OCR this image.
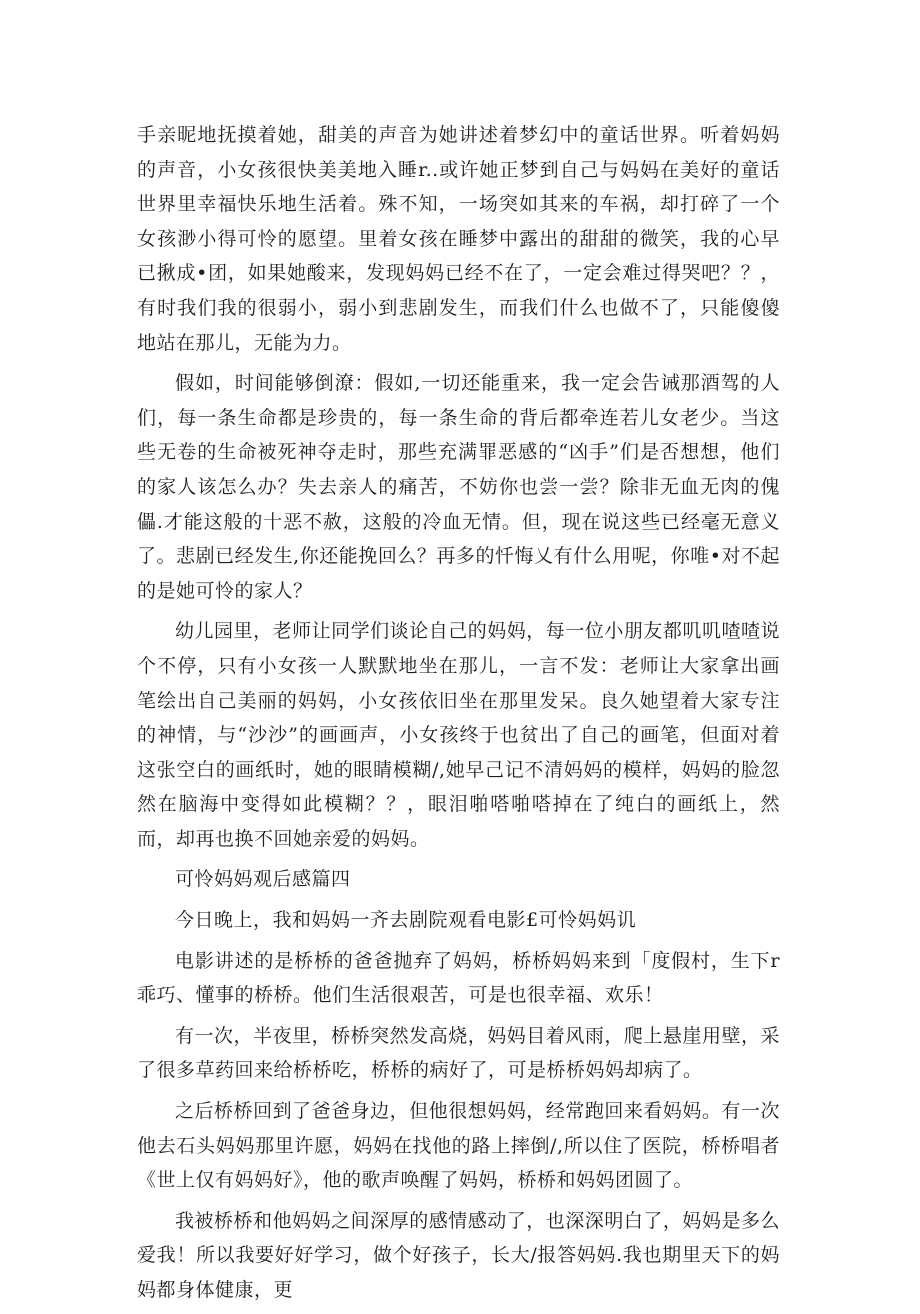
手亲昵地抚摸着她，甜美的声音为她讲述着梦幻中的童话世界。听着妈妈的声音，小女孩很快美美地入睡r..或许她正梦到自己与妈妈在美好的童话世界里幸福快乐地生活着。殊不知，一场突如其来的车祸，却打碎了一个女孩渺小得可怜的愿望。里着女孩在睡梦中露出的甜甜的微笑，我的心早已揪成•团，如果她酸来，发现妈妈已经不在了，一定会难过得哭吧？？，有时我们我的很弱小，弱小到悲剧发生，而我们什么也做不了，只能傻傻地站在那儿，无能为力。

假如，时间能够倒潦：假如,一切还能重来，我一定会告诫那酒驾的人们，每一条生命都是珍贵的，每一条生命的背后都牵连若儿女老少。当这些无卷的生命被死神夺走时，那些充满罪恶感的“凶手”们是否想想，他们的家人该怎么办？失去亲人的痛苦，不妨你也尝一尝？除非无血无肉的傀儡.才能这般的十恶不赦，这般的冷血无情。但，现在说这些已经毫无意义了。悲剧已经发生,你还能挽回么？再多的忏悔乂有什么用呢，你唯•对不起的是她可怜的家人？

幼儿园里，老师让同学们谈论自己的妈妈，每一位小朋友都叽叽喳喳说个不停，只有小女孩一人默默地坐在那儿，一言不发：老师让大家拿出画笔绘出自己美丽的妈妈，小女孩依旧坐在那里发呆。良久她望着大家专注的神情，与“沙沙”的画画声，小女孩终于也贫出了自己的画笔，但面对着这张空白的画纸时，她的眼睛模糊/,她早己记不清妈妈的模样，妈妈的脸忽然在脑海中变得如此模糊？？，眼泪啪嗒啪嗒掉在了纯白的画纸上，然而，却再也换不回她亲爱的妈妈。

可怜妈妈观后感篇四

今日晚上，我和妈妈一齐去剧院观看电影£可怜妈妈讥

电影讲述的是桥桥的爸爸抛弃了妈妈，桥桥妈妈来到「度假村，生下r乖巧、懂事的桥桥。他们生活很艰苦，可是也很幸福、欢乐！

有一次，半夜里，桥桥突然发高烧，妈妈目着风雨，爬上悬崖用壁，采了很多草药回来给桥桥吃，桥桥的病好了，可是桥桥妈妈却病了。

之后桥桥回到了爸爸身边，但他很想妈妈，经常跑回来看妈妈。有一次他去石头妈妈那里许愿，妈妈在找他的路上摔倒/,所以住了医院，桥桥唱者《世上仅有妈妈好》，他的歌声唤醒了妈妈，桥桥和妈妈团圆了。

我被桥桥和他妈妈之间深厚的感情感动了，也深深明白了，妈妈是多么爱我！所以我要好好学习，做个好孩子，长大/报答妈妈.我也期里天下的妈妈都身体健康，更
